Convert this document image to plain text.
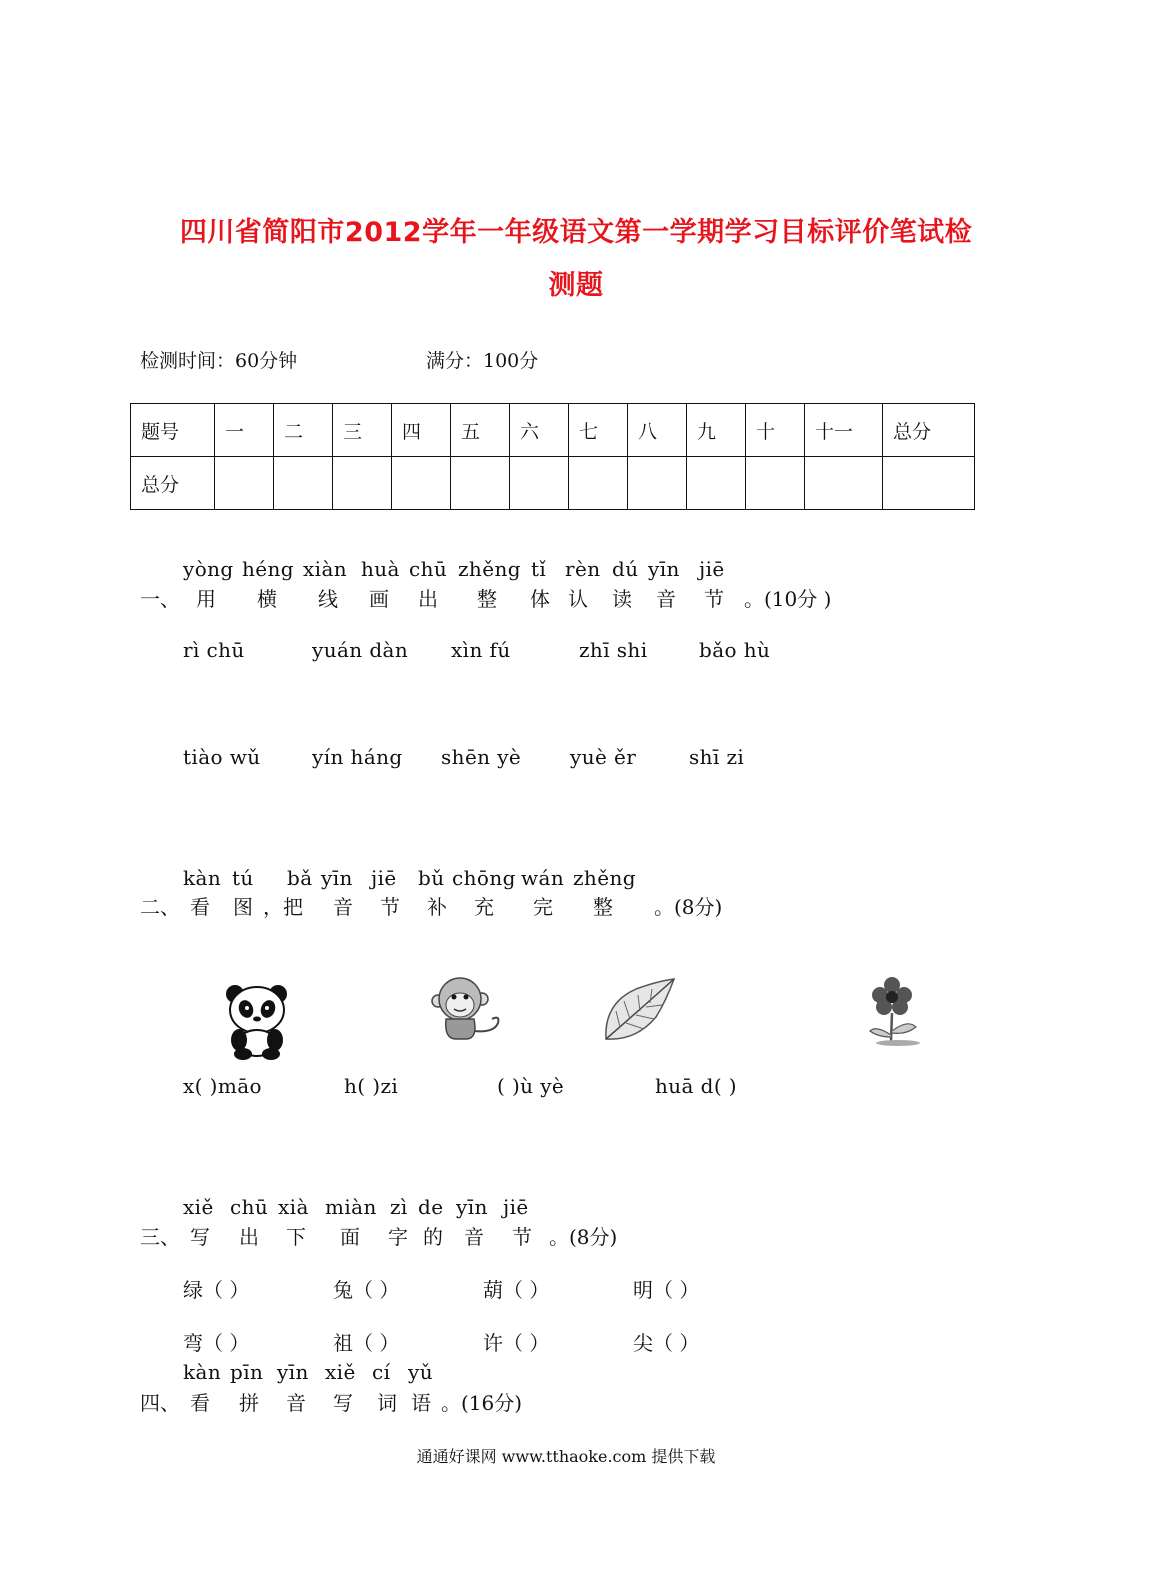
四川省简阳市2012学年一年级语文第一学期学习目标评价笔试检
测题
检测时间：60分钟	满分：100分
题号	一	二	三	四	五	六	七	八	九	十	十一	总分
总分												
yòng héng xiàn huà chū zhěng tǐ rèn dú yīn jiē
一、 用 横 线 画 出 整 体 认 读 音 节 。(10分 )
rì chū	yuán dàn xìn fú	zhī shi	bǎo hù
tiào wǔ	yín háng shēn yè yuè ěr	shī zi
kàn tú bǎ yīn jiē bǔ chōng wán zhěng
二、 看 图 ，把 音 节 补 充 完 整 。(8分)
x( )māo	h( )zi	( )ù yè	huā d( )
xiě chū xià miàn zì de yīn jiē
三、 写 出 下 面 字 的 音 节 。(8分)
绿（ ）	兔（ ）	葫（ ）	明（ ）
弯（ ）	祖（ ）	许（ ）	尖（ ）
kàn pīn yīn xiě cí yǔ
四、 看 拼 音 写 词 语 。(16分)
通通好课网 www.tthaoke.com 提供下载
